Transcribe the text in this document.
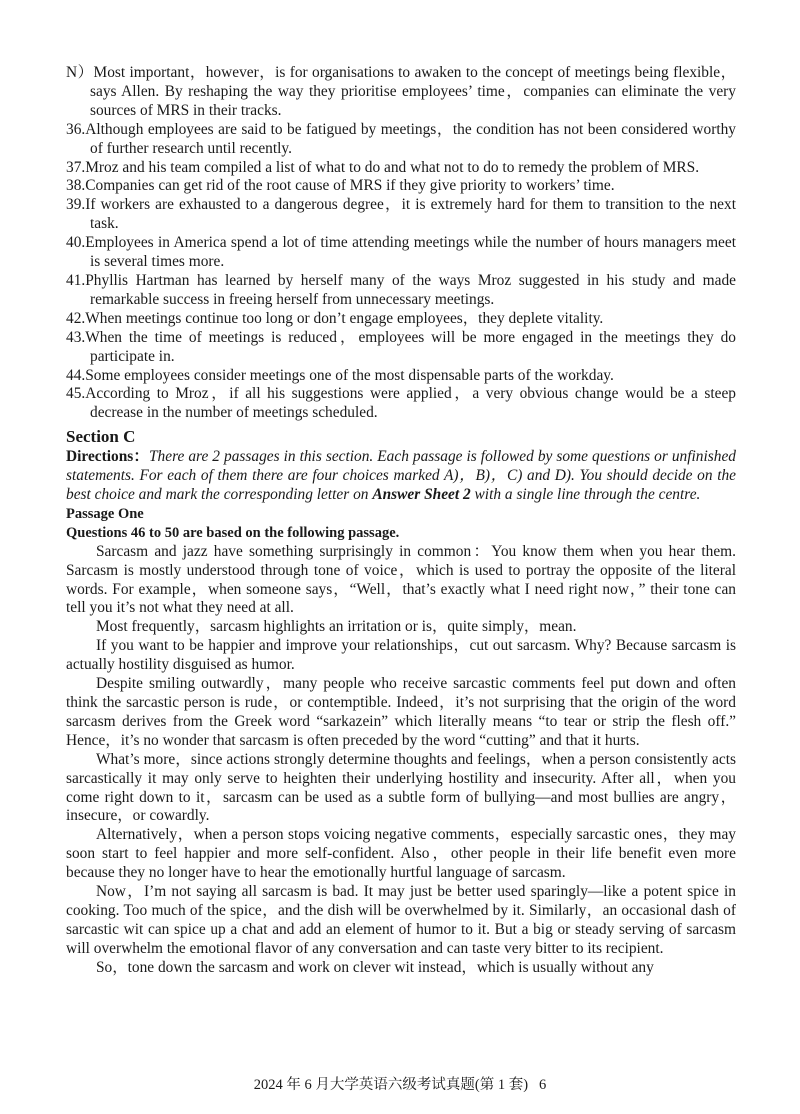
N）Most important，however，is for organisations to awaken to the concept of meetings being flexible，says Allen. By reshaping the way they prioritise employees’ time，companies can eliminate the very sources of MRS in their tracks.

36.Although employees are said to be fatigued by meetings，the condition has not been considered worthy of further research until recently.

37.Mroz and his team compiled a list of what to do and what not to do to remedy the problem of MRS.

38.Companies can get rid of the root cause of MRS if they give priority to workers’ time.

39.If workers are exhausted to a dangerous degree，it is extremely hard for them to transition to the next task.

40.Employees in America spend a lot of time attending meetings while the number of hours managers meet is several times more.

41.Phyllis Hartman has learned by herself many of the ways Mroz suggested in his study and made remarkable success in freeing herself from unnecessary meetings.

42.When meetings continue too long or don’t engage employees，they deplete vitality.

43.When the time of meetings is reduced，employees will be more engaged in the meetings they do participate in.

44.Some employees consider meetings one of the most dispensable parts of the workday.

45.According to Mroz，if all his suggestions were applied，a very obvious change would be a steep decrease in the number of meetings scheduled.

Section C

Directions：There are 2 passages in this section. Each passage is followed by some questions or unfinished statements. For each of them there are four choices marked A)，B)，C) and D). You should decide on the best choice and mark the corresponding letter on Answer Sheet 2 with a single line through the centre.

Passage One

Questions 46 to 50 are based on the following passage.

Sarcasm and jazz have something surprisingly in common：You know them when you hear them. Sarcasm is mostly understood through tone of voice，which is used to portray the opposite of the literal words. For example，when someone says，“Well，that’s exactly what I need right now，” their tone can tell you it’s not what they need at all.

Most frequently，sarcasm highlights an irritation or is，quite simply，mean.

If you want to be happier and improve your relationships，cut out sarcasm. Why? Because sarcasm is actually hostility disguised as humor.

Despite smiling outwardly，many people who receive sarcastic comments feel put down and often think the sarcastic person is rude，or contemptible. Indeed，it’s not surprising that the origin of the word sarcasm derives from the Greek word “sarkazein” which literally means “to tear or strip the flesh off.” Hence，it’s no wonder that sarcasm is often preceded by the word “cutting” and that it hurts.

What’s more，since actions strongly determine thoughts and feelings，when a person consistently acts sarcastically it may only serve to heighten their underlying hostility and insecurity. After all，when you come right down to it，sarcasm can be used as a subtle form of bullying—and most bullies are angry，insecure，or cowardly.

Alternatively，when a person stops voicing negative comments，especially sarcastic ones，they may soon start to feel happier and more self-confident. Also，other people in their life benefit even more because they no longer have to hear the emotionally hurtful language of sarcasm.

Now，I’m not saying all sarcasm is bad. It may just be better used sparingly—like a potent spice in cooking. Too much of the spice，and the dish will be overwhelmed by it. Similarly，an occasional dash of sarcastic wit can spice up a chat and add an element of humor to it. But a big or steady serving of sarcasm will overwhelm the emotional flavor of any conversation and can taste very bitter to its recipient.

So，tone down the sarcasm and work on clever wit instead，which is usually without any

2024 年 6 月大学英语六级考试真题(第 1 套) 6
